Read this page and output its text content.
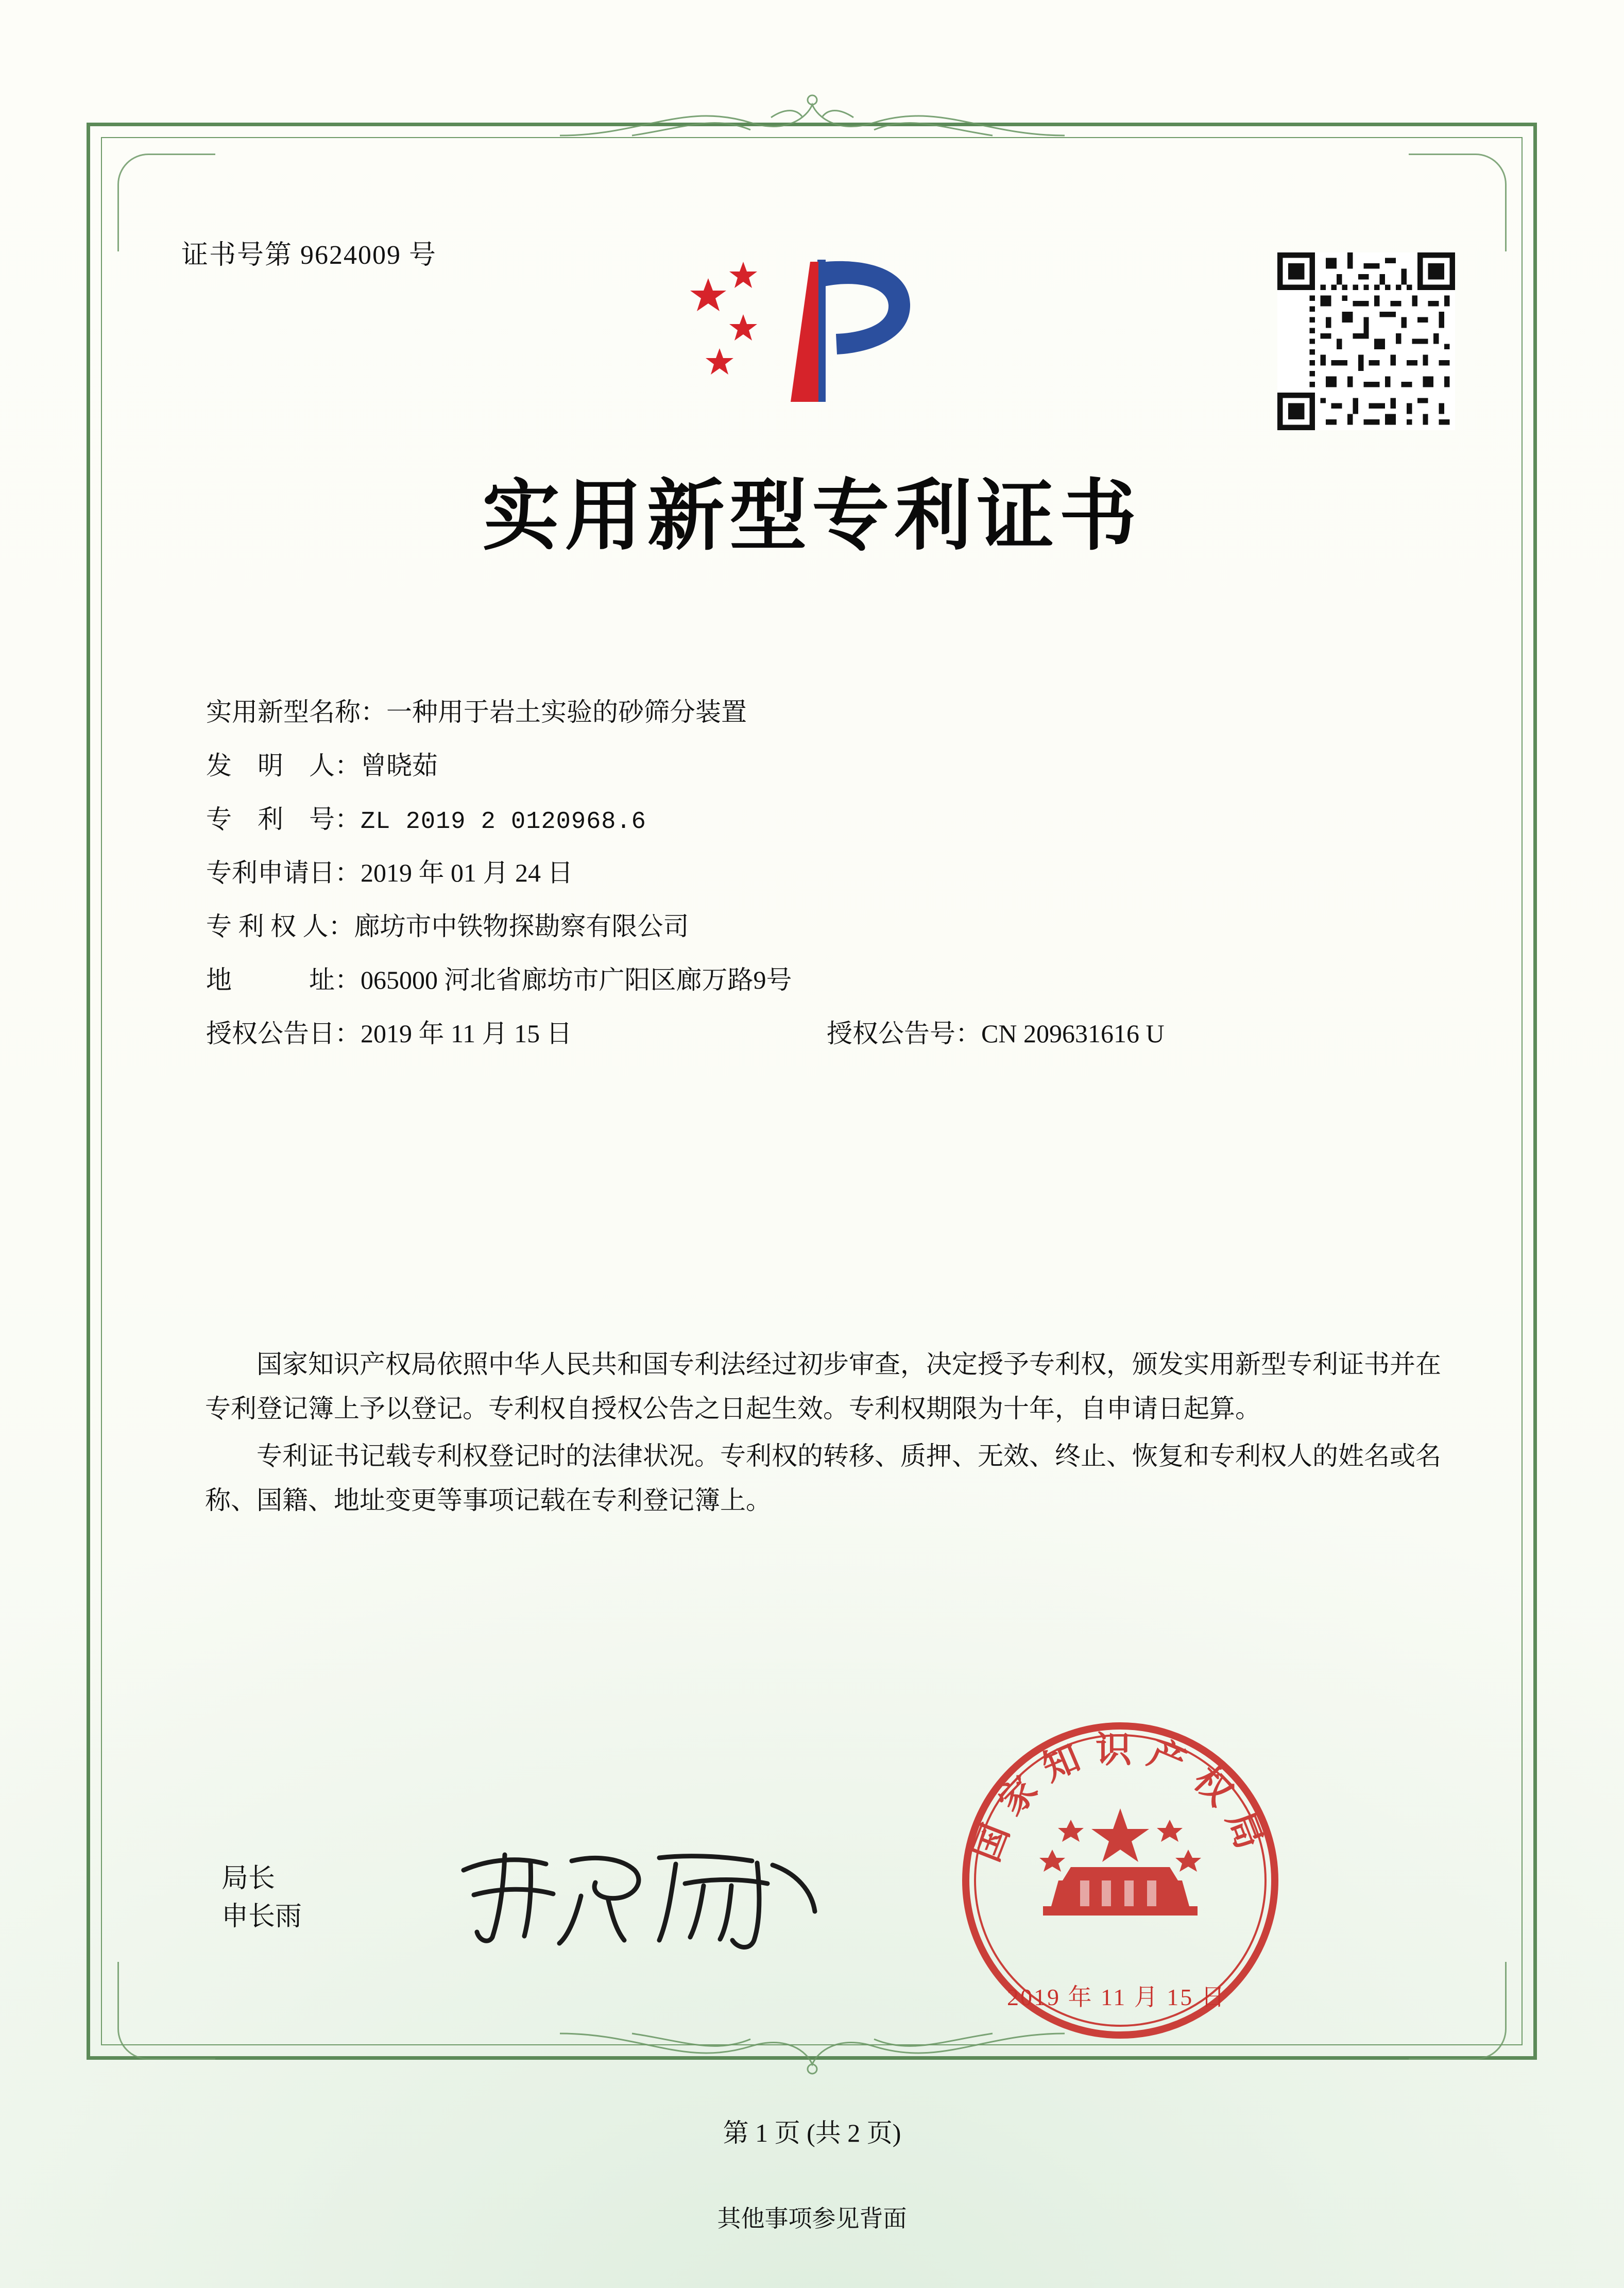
证书号第 9624009 号
实用新型专利证书
实用新型名称：一种用于岩土实验的砂筛分装置
发　明　人：曾晓茹
专　利　号：ZL 2019 2 0120968.6
专利申请日：2019 年 01 月 24 日
专 利 权 人：廊坊市中铁物探勘察有限公司
地　　　址：065000 河北省廊坊市广阳区廊万路9号
授权公告日：2019 年 11 月 15 日	授权公告号：CN 209631616 U

国家知识产权局依照中华人民共和国专利法经过初步审查，决定授予专利权，颁发实用新型专利证书并在专利登记簿上予以登记。专利权自授权公告之日起生效。专利权期限为十年，自申请日起算。

专利证书记载专利权登记时的法律状况。专利权的转移、质押、无效、终止、恢复和专利权人的姓名或名称、国籍、地址变更等事项记载在专利登记簿上。

局长
申长雨
国家知识产权局
2019 年 11 月 15 日
第 1 页 (共 2 页)
其他事项参见背面
